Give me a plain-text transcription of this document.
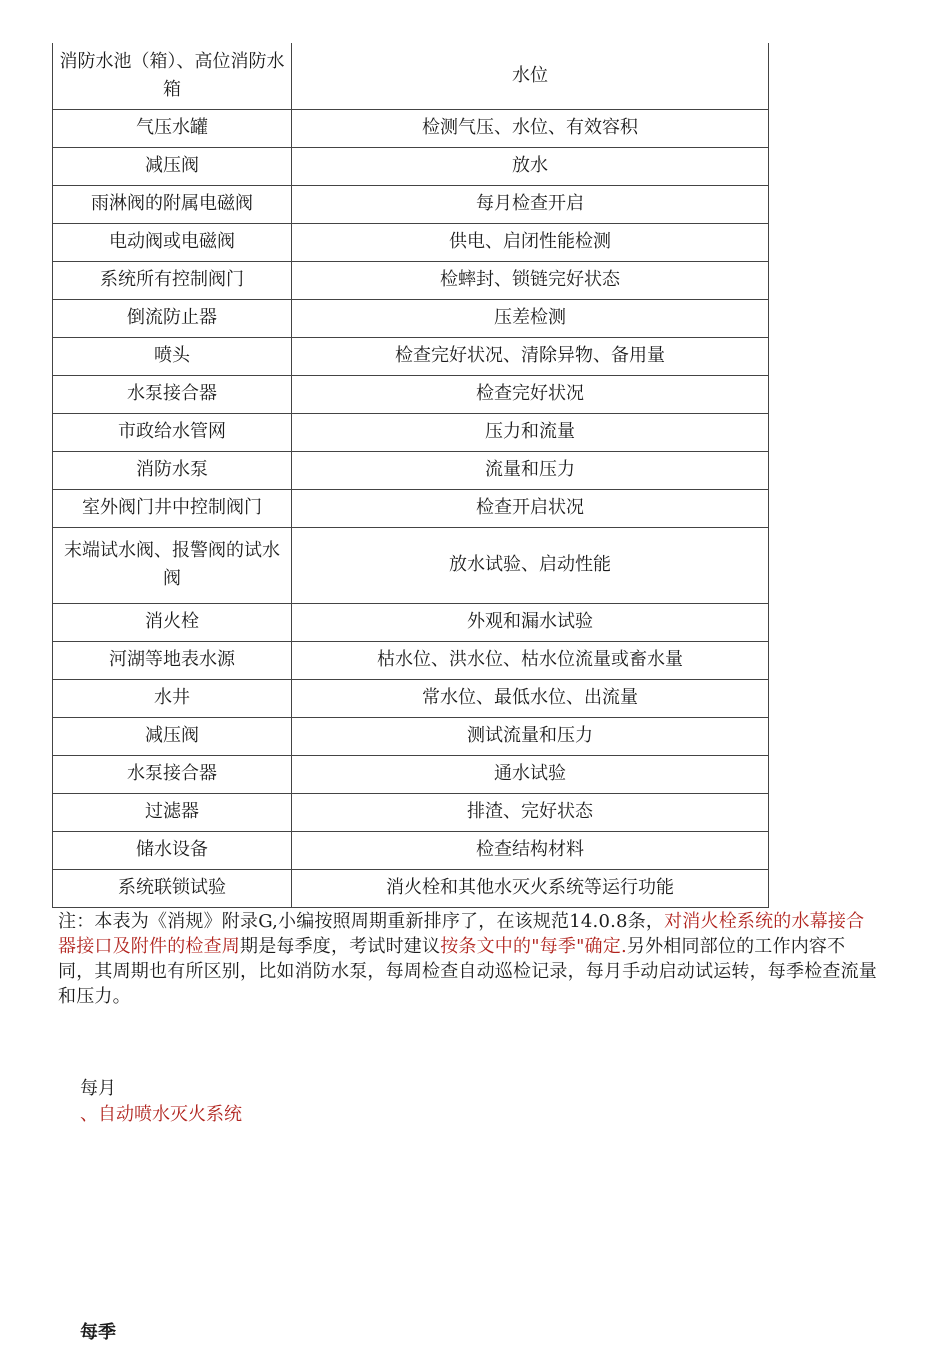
消防水池（箱）、高位消防水箱	水位
气压水罐	检测气压、水位、有效容积
减压阀	放水
雨淋阀的附属电磁阀	每月检查开启
电动阀或电磁阀	供电、启闭性能检测
系统所有控制阀门	检蟀封、锁链完好状态
倒流防止器	压差检测
喷头	检查完好状况、清除异物、备用量
水泵接合器	检查完好状况
市政给水管网	压力和流量
消防水泵	流量和压力
室外阀门井中控制阀门	检查开启状况
末端试水阀、报警阀的试水阀	放水试验、启动性能
消火栓	外观和漏水试验
河湖等地表水源	枯水位、洪水位、枯水位流量或畜水量
水井	常水位、最低水位、出流量
减压阀	测试流量和压力
水泵接合器	通水试验
过滤器	排渣、完好状态
储水设备	检查结构材料
系统联锁试验	消火栓和其他水灭火系统等运行功能
注：本表为《消规》附录G,小编按照周期重新排序了，在该规范14.0.8条，对消火栓系统的水幕接合器接口及附件的检查周期是每季度，考试时建议按条文中的"每季"确定.另外相同部位的工作内容不同，其周期也有所区别，比如消防水泵，每周检查自动巡检记录，每月手动启动试运转，每季检查流量和压力。
每月
、自动喷水灭火系统
每季
